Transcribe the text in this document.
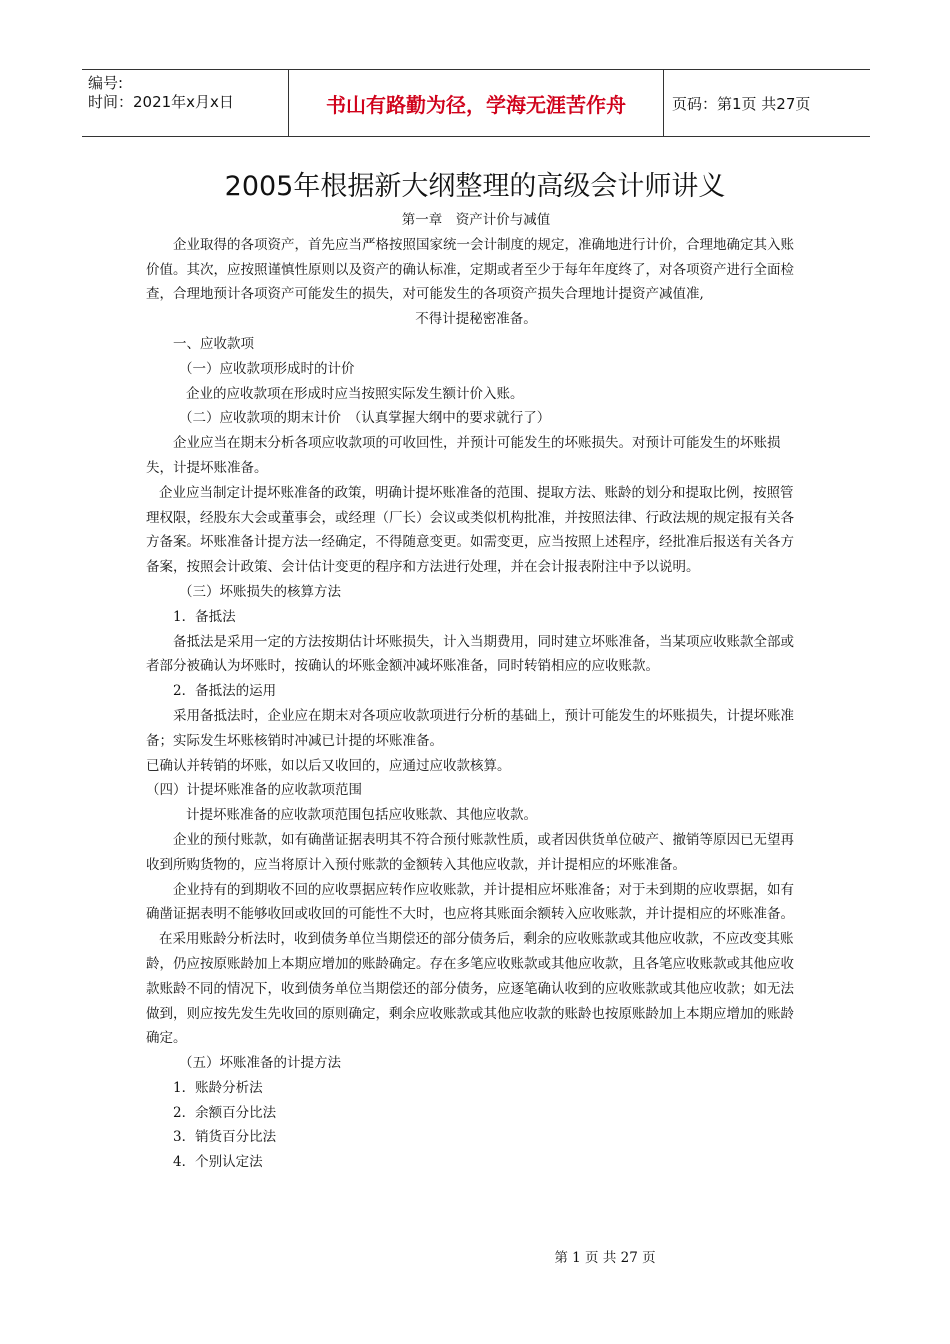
编号:
时间：2021年x月x日	书山有路勤为径，学海无涯苦作舟	页码：第1页 共27页
2005年根据新大纲整理的高级会计师讲义

第一章　资产计价与减值

企业取得的各项资产，首先应当严格按照国家统一会计制度的规定，准确地进行计价，合理地确定其入账价值。其次，应按照谨慎性原则以及资产的确认标准，定期或者至少于每年年度终了，对各项资产进行全面检查，合理地预计各项资产可能发生的损失，对可能发生的各项资产损失合理地计提资产减值准,

不得计提秘密准备。

一、应收款项

（一）应收款项形成时的计价

企业的应收款项在形成时应当按照实际发生额计价入账。

（二）应收款项的期末计价　（认真掌握大纲中的要求就行了）

企业应当在期末分析各项应收款项的可收回性，并预计可能发生的坏账损失。对预计可能发生的坏账损失，计提坏账准备。

企业应当制定计提坏账准备的政策，明确计提坏账准备的范围、提取方法、账龄的划分和提取比例，按照管理权限，经股东大会或董事会，或经理（厂长）会议或类似机构批准，并按照法律、行政法规的规定报有关各方备案。坏账准备计提方法一经确定，不得随意变更。如需变更，应当按照上述程序，经批准后报送有关各方备案，按照会计政策、会计估计变更的程序和方法进行处理，并在会计报表附注中予以说明。

（三）坏账损失的核算方法

1．备抵法

备抵法是采用一定的方法按期估计坏账损失，计入当期费用，同时建立坏账准备，当某项应收账款全部或者部分被确认为坏账时，按确认的坏账金额冲减坏账准备，同时转销相应的应收账款。

2．备抵法的运用

采用备抵法时，企业应在期末对各项应收款项进行分析的基础上，预计可能发生的坏账损失，计提坏账准备；实际发生坏账核销时冲减已计提的坏账准备。

已确认并转销的坏账，如以后又收回的，应通过应收款核算。

（四）计提坏账准备的应收款项范围

计提坏账准备的应收款项范围包括应收账款、其他应收款。

企业的预付账款，如有确凿证据表明其不符合预付账款性质，或者因供货单位破产、撤销等原因已无望再收到所购货物的，应当将原计入预付账款的金额转入其他应收款，并计提相应的坏账准备。

企业持有的到期收不回的应收票据应转作应收账款，并计提相应坏账准备；对于未到期的应收票据，如有确凿证据表明不能够收回或收回的可能性不大时，也应将其账面余额转入应收账款，并计提相应的坏账准备。

在采用账龄分析法时，收到债务单位当期偿还的部分债务后，剩余的应收账款或其他应收款，不应改变其账龄，仍应按原账龄加上本期应增加的账龄确定。存在多笔应收账款或其他应收款，且各笔应收账款或其他应收款账龄不同的情况下，收到债务单位当期偿还的部分债务，应逐笔确认收到的应收账款或其他应收款；如无法做到，则应按先发生先收回的原则确定，剩余应收账款或其他应收款的账龄也按原账龄加上本期应增加的账龄确定。

（五）坏账准备的计提方法

1．账龄分析法

2．余额百分比法

3．销货百分比法

4．个别认定法

第 1 页 共 27 页
